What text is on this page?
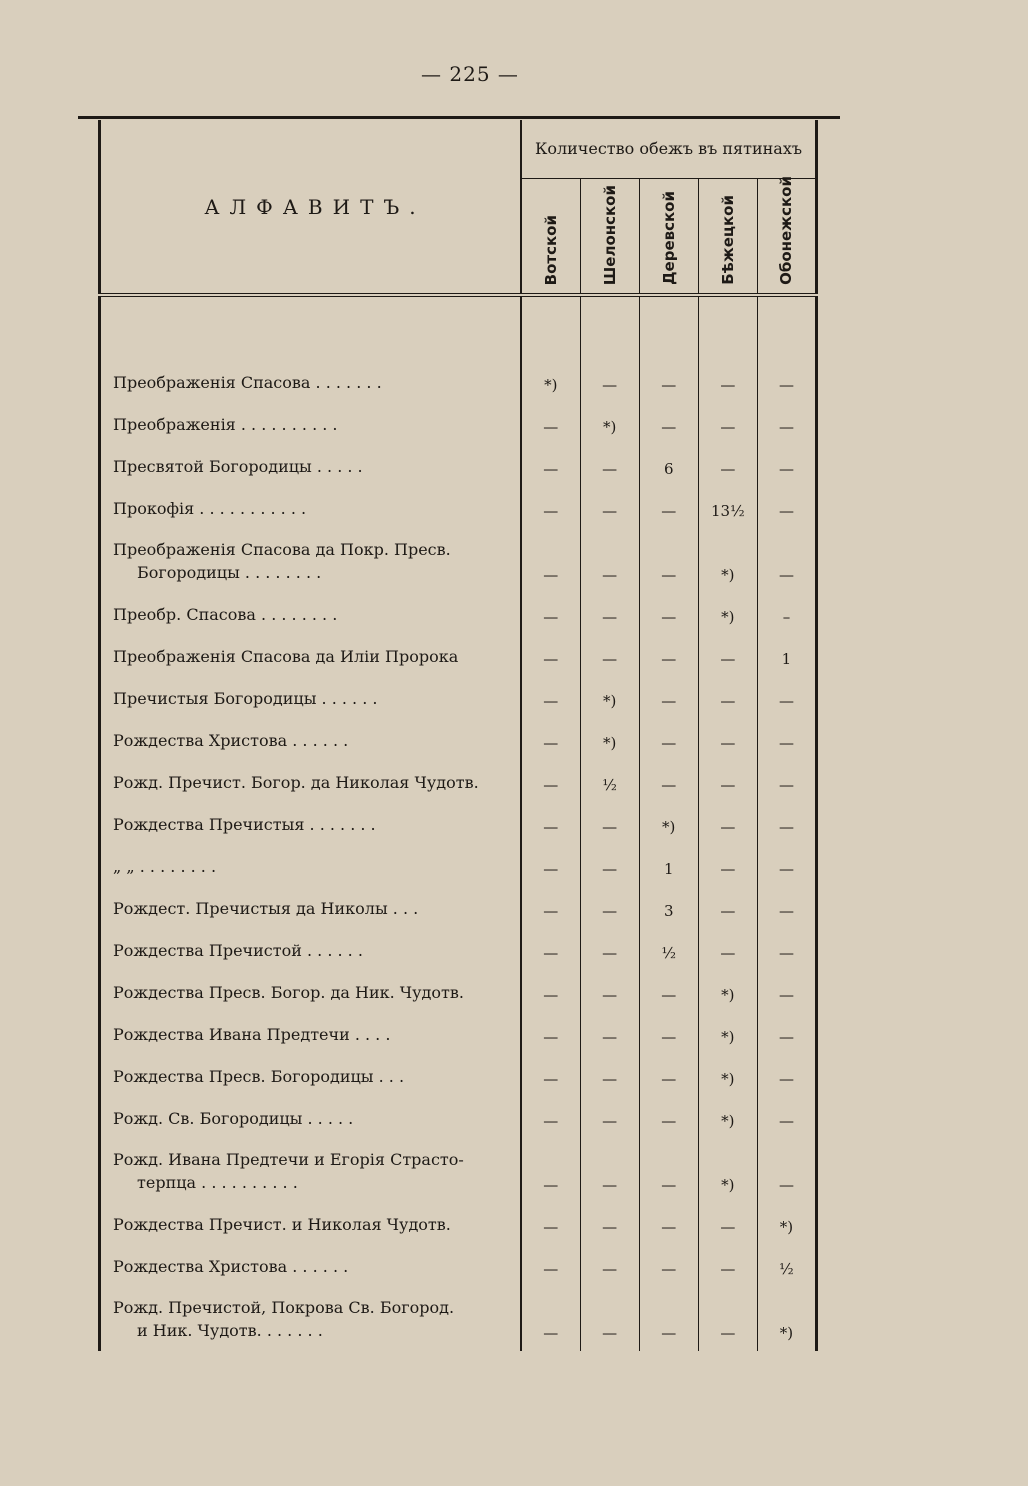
— 225 —
АЛФАВИТЪ.	Количество обежъ въ пятинахъ				

	Вотской	Шелонской	Деревской	Бѣжецкой	Обонежской

Преображенія Спасова . . . . . . .	*)	—	—	—	—
Преображенія . . . . . . . . . .	—	*)	—	—	—
Пресвятой Богородицы . . . . .	—	—	6	—	—
Прокофія . . . . . . . . . . .	—	—	—	13½	—
Преображенія Спасова да Покр. Пресв.
Богородицы . . . . . . . .	—	—	—	*)	—
Преобр. Спасова . . . . . . . .	—	—	—	*)	–
Преображенія Спасова да Иліи Пророка	—	—	—	—	1
Пречистыя Богородицы . . . . . .	—	*)	—	—	—
Рождества Христова . . . . . .	—	*)	—	—	—
Рожд. Пречист. Богор. да Николая Чудотв.	—	½	—	—	—
Рождества Пречистыя . . . . . . .	—	—	*)	—	—
„ „ . . . . . . . .	—	—	1	—	—
Рождест. Пречистыя да Николы . . .	—	—	3	—	—
Рождества Пречистой . . . . . .	—	—	½	—	—
Рождества Пресв. Богор. да Ник. Чудотв.	—	—	—	*)	—
Рождества Ивана Предтечи . . . .	—	—	—	*)	—
Рождества Пресв. Богородицы . . .	—	—	—	*)	—
Рожд. Св. Богородицы . . . . .	—	—	—	*)	—
Рожд. Ивана Предтечи и Егорія Страсто-
терпца . . . . . . . . . .	—	—	—	*)	—
Рождества Пречист. и Николая Чудотв.	—	—	—	—	*)
Рождества Христова . . . . . .	—	—	—	—	½
Рожд. Пречистой, Покрова Св. Богород.
и Ник. Чудотв. . . . . . .	—	—	—	—	*)
